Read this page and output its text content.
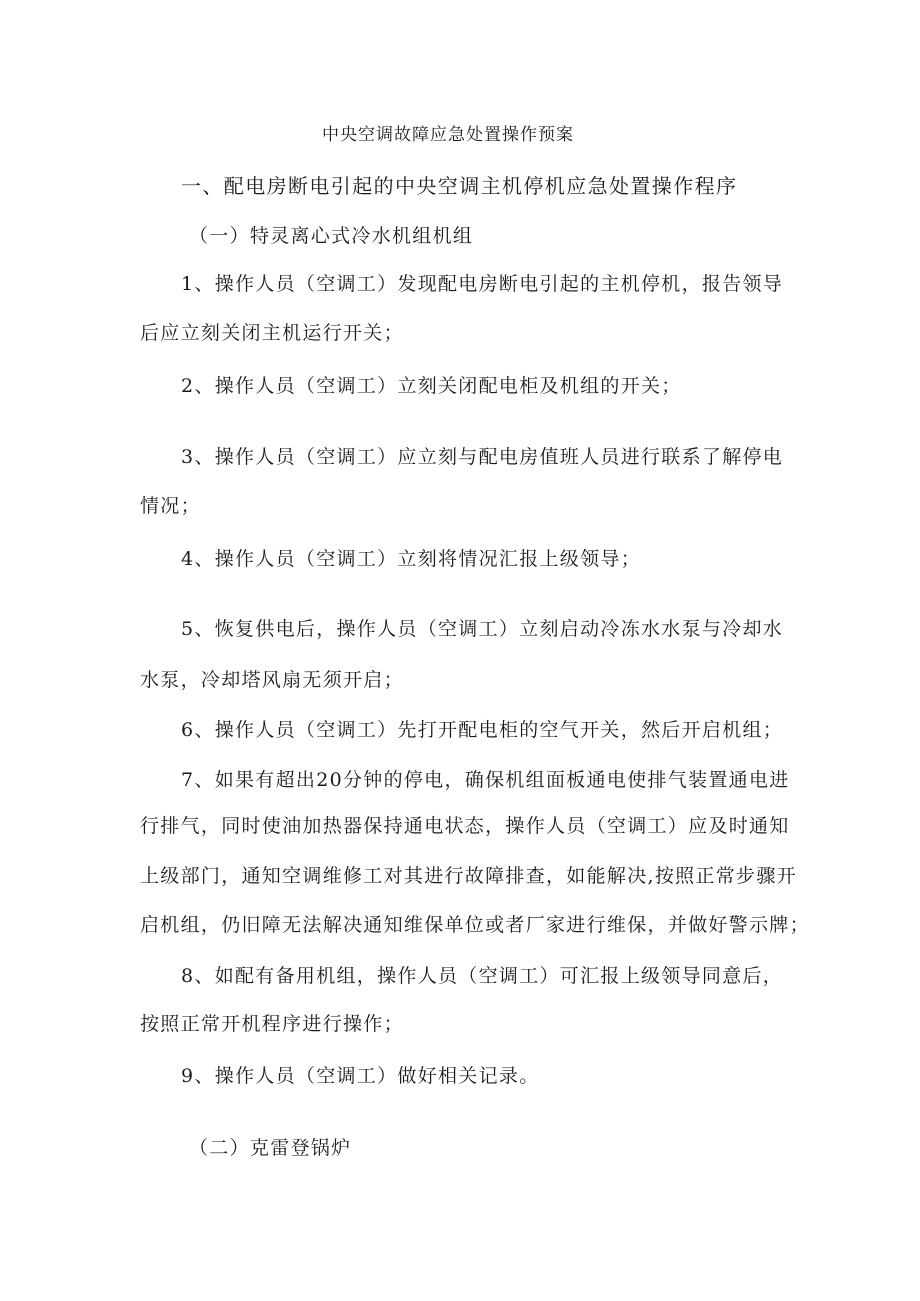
中央空调故障应急处置操作预案
一、配电房断电引起的中央空调主机停机应急处置操作程序
（一）特灵离心式冷水机组机组
1、操作人员（空调工）发现配电房断电引起的主机停机，报告领导
后应立刻关闭主机运行开关；
2、操作人员（空调工）立刻关闭配电柜及机组的开关；
3、操作人员（空调工）应立刻与配电房值班人员进行联系了解停电
情况；
4、操作人员（空调工）立刻将情况汇报上级领导；
5、恢复供电后，操作人员（空调工）立刻启动冷冻水水泵与冷却水
水泵，冷却塔风扇无须开启；
6、操作人员（空调工）先打开配电柜的空气开关，然后开启机组；
7、如果有超出20分钟的停电，确保机组面板通电使排气装置通电进
行排气，同时使油加热器保持通电状态，操作人员（空调工）应及时通知
上级部门，通知空调维修工对其进行故障排查，如能解决,按照正常步骤开
启机组，仍旧障无法解决通知维保单位或者厂家进行维保，并做好警示牌；
8、如配有备用机组，操作人员（空调工）可汇报上级领导同意后，
按照正常开机程序进行操作；
9、操作人员（空调工）做好相关记录。
（二）克雷登锅炉
